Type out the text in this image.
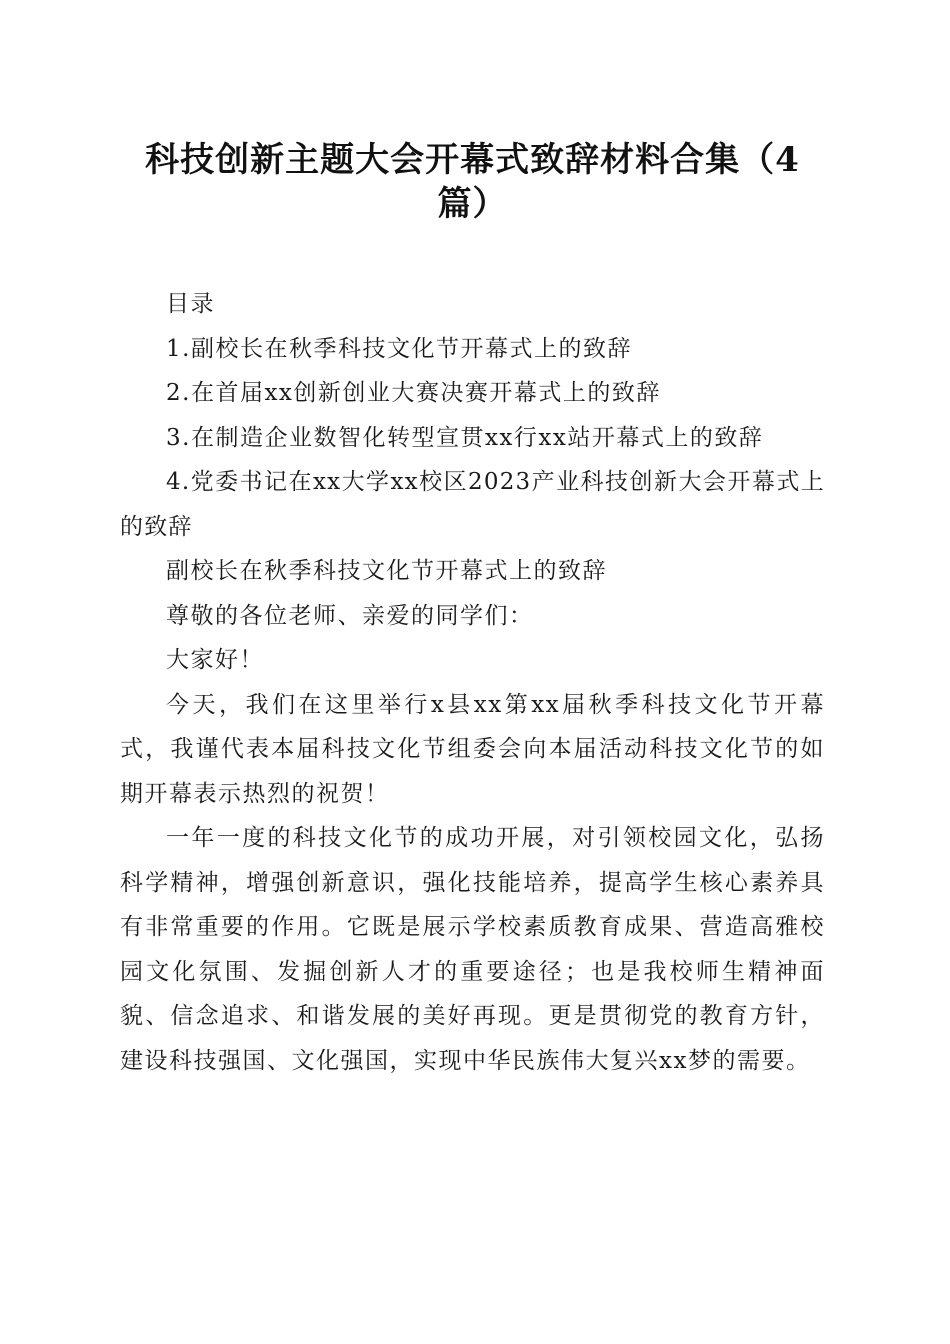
科技创新主题大会开幕式致辞材料合集（4篇）

目录

1.副校长在秋季科技文化节开幕式上的致辞

2.在首届xx创新创业大赛决赛开幕式上的致辞

3.在制造企业数智化转型宣贯xx行xx站开幕式上的致辞

4.党委书记在xx大学xx校区2023产业科技创新大会开幕式上的致辞

副校长在秋季科技文化节开幕式上的致辞

尊敬的各位老师、亲爱的同学们：

大家好！

今天，我们在这里举行x县xx第xx届秋季科技文化节开幕式，我谨代表本届科技文化节组委会向本届活动科技文化节的如期开幕表示热烈的祝贺！

一年一度的科技文化节的成功开展，对引领校园文化，弘扬科学精神，增强创新意识，强化技能培养，提高学生核心素养具有非常重要的作用。它既是展示学校素质教育成果、营造高雅校园文化氛围、发掘创新人才的重要途径；也是我校师生精神面貌、信念追求、和谐发展的美好再现。更是贯彻党的教育方针，建设科技强国、文化强国，实现中华民族伟大复兴xx梦的需要。
